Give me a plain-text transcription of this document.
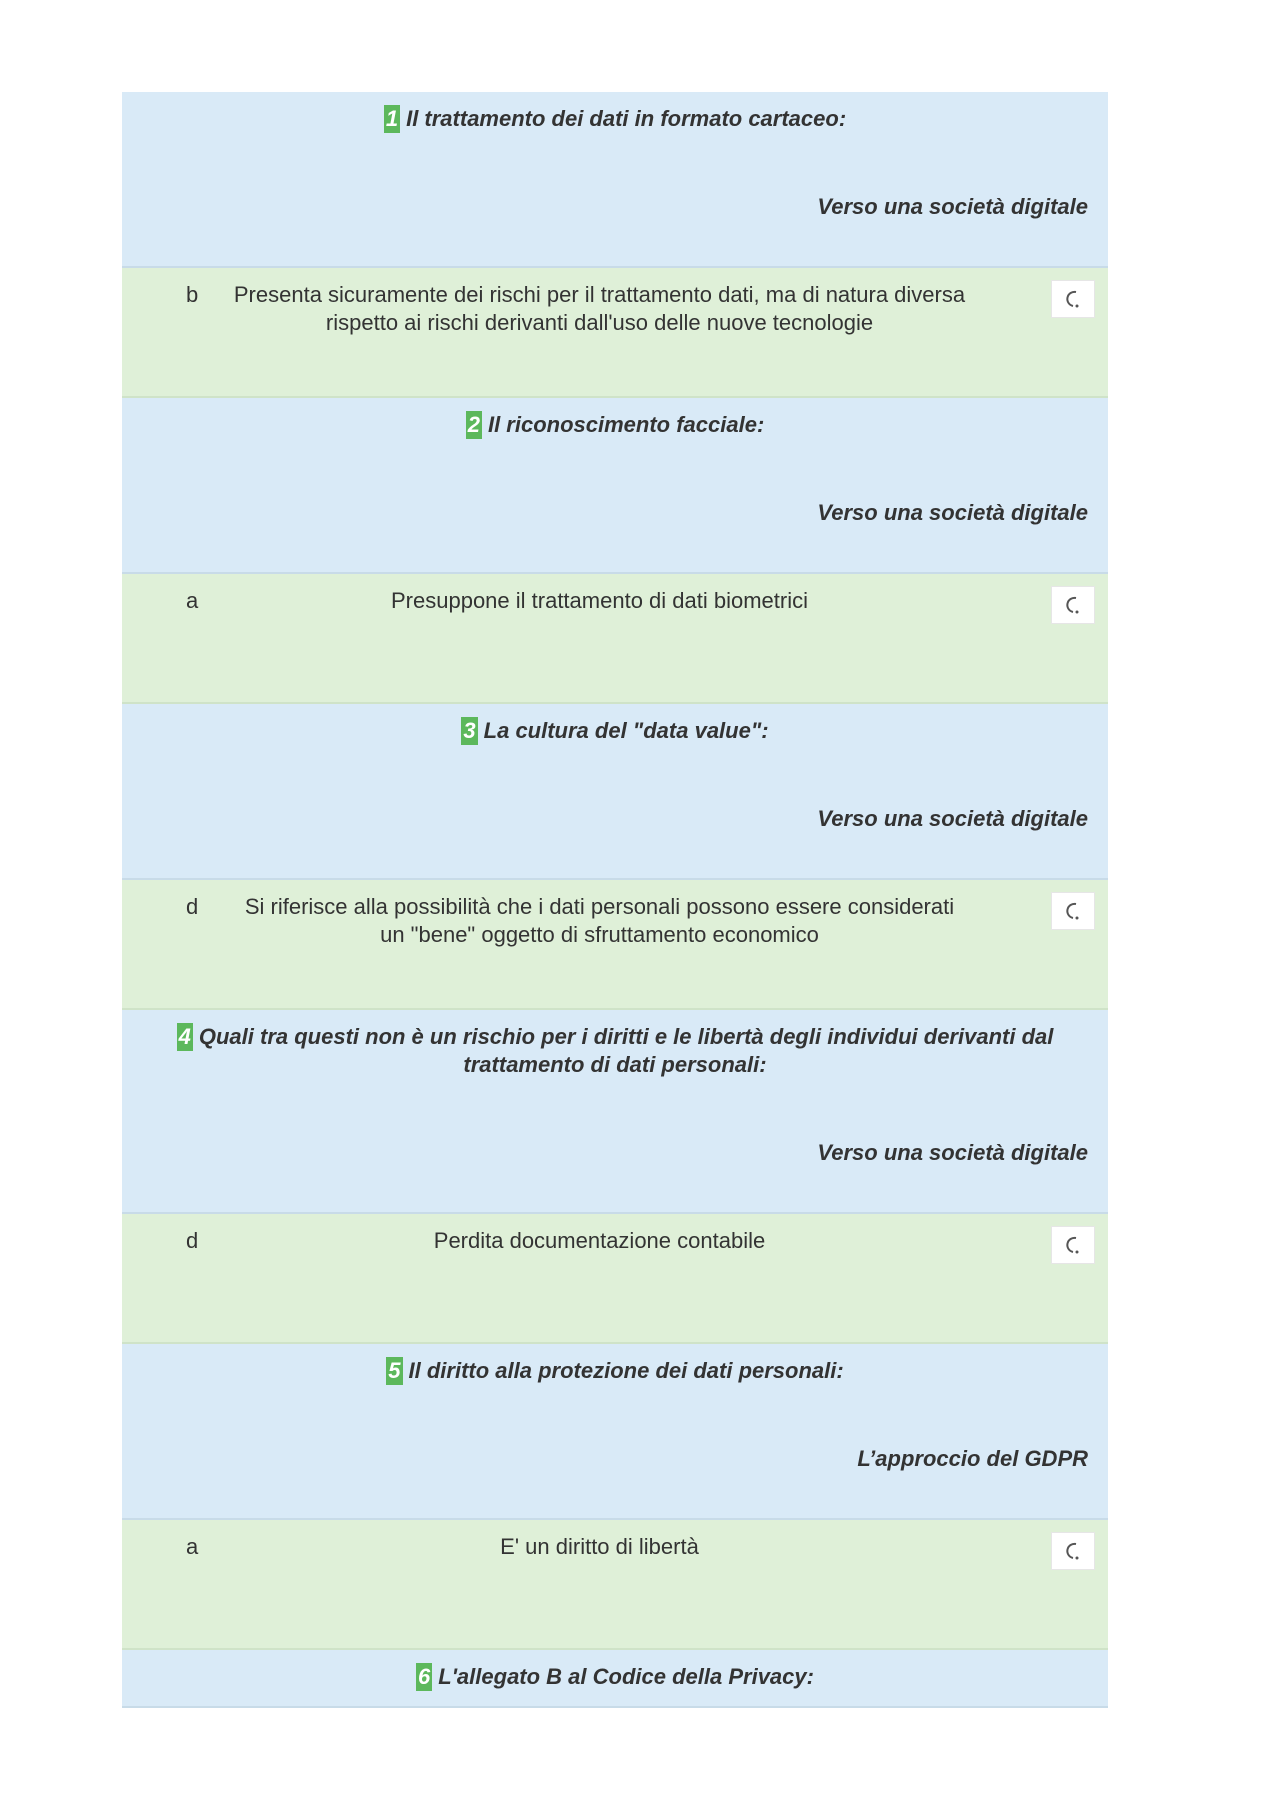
1 Il trattamento dei dati in formato cartaceo:
Verso una società digitale
b Presenta sicuramente dei rischi per il trattamento dati, ma di natura diversa rispetto ai rischi derivanti dall'uso delle nuove tecnologie
2 Il riconoscimento facciale:
Verso una società digitale
a	Presuppone il trattamento di dati biometrici
3 La cultura del "data value":
Verso una società digitale
d	Si riferisce alla possibilità che i dati personali possono essere considerati un "bene" oggetto di sfruttamento economico
4 Quali tra questi non è un rischio per i diritti e le libertà degli individui derivanti dal trattamento di dati personali:
Verso una società digitale
d	Perdita documentazione contabile
5 Il diritto alla protezione dei dati personali:
L’approccio del GDPR
a	E' un diritto di libertà
6 L'allegato B al Codice della Privacy:
